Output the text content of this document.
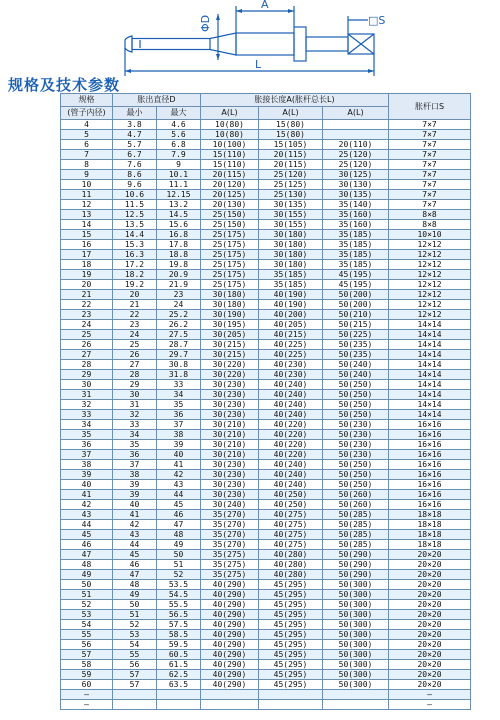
ΦD
A
□S
L
规格及技术参数
规格	胀出直径D		胀接长度A(胀杆总长L)			胀杆口S
(管子内径)	最小	最大	A(L)	A(L)	A(L)	
4	3.8	4.6	10(80)	15(80)		7×7
5	4.7	5.6	10(80)	15(80)		7×7
6	5.7	6.8	10(100)	15(105)	20(110)	7×7
7	6.7	7.9	15(110)	20(115)	25(120)	7×7
8	7.6	9	15(110)	20(115)	25(120)	7×7
9	8.6	10.1	20(115)	25(120)	30(125)	7×7
10	9.6	11.1	20(120)	25(125)	30(130)	7×7
11	10.6	12.15	20(125)	25(130)	30(135)	7×7
12	11.5	13.2	20(130)	30(135)	35(140)	7×7
13	12.5	14.5	25(150)	30(155)	35(160)	8×8
14	13.5	15.6	25(150)	30(155)	35(160)	8×8
15	14.4	16.8	25(175)	30(180)	35(185)	10×10
16	15.3	17.8	25(175)	30(180)	35(185)	12×12
17	16.3	18.8	25(175)	30(180)	35(185)	12×12
18	17.2	19.8	25(175)	30(180)	35(185)	12×12
19	18.2	20.9	25(175)	35(185)	45(195)	12×12
20	19.2	21.9	25(175)	35(185)	45(195)	12×12
21	20	23	30(180)	40(190)	50(200)	12×12
22	21	24	30(180)	40(190)	50(200)	12×12
23	22	25.2	30(190)	40(200)	50(210)	12×12
24	23	26.2	30(195)	40(205)	50(215)	14×14
25	24	27.5	30(205)	40(215)	50(225)	14×14
26	25	28.7	30(215)	40(225)	50(235)	14×14
27	26	29.7	30(215)	40(225)	50(235)	14×14
28	27	30.8	30(220)	40(230)	50(240)	14×14
29	28	31.8	30(220)	40(230)	50(240)	14×14
30	29	33	30(230)	40(240)	50(250)	14×14
31	30	34	30(230)	40(240)	50(250)	14×14
32	31	35	30(230)	40(240)	50(250)	14×14
33	32	36	30(230)	40(240)	50(250)	14×14
34	33	37	30(210)	40(220)	50(230)	16×16
35	34	38	30(210)	40(220)	50(230)	16×16
36	35	39	30(210)	40(220)	50(230)	16×16
37	36	40	30(210)	40(220)	50(230)	16×16
38	37	41	30(230)	40(240)	50(250)	16×16
39	38	42	30(230)	40(240)	50(250)	16×16
40	39	43	30(230)	40(240)	50(250)	16×16
41	39	44	30(230)	40(250)	50(260)	16×16
42	40	45	30(240)	40(250)	50(260)	16×16
43	41	46	35(270)	40(275)	50(285)	18×18
44	42	47	35(270)	40(275)	50(285)	18×18
45	43	48	35(270)	40(275)	50(285)	18×18
46	44	49	35(270)	40(275)	50(285)	18×18
47	45	50	35(275)	40(280)	50(290)	20×20
48	46	51	35(275)	40(280)	50(290)	20×20
49	47	52	35(275)	40(280)	50(290)	20×20
50	48	53.5	40(290)	45(295)	50(300)	20×20
51	49	54.5	40(290)	45(295)	50(300)	20×20
52	50	55.5	40(290)	45(295)	50(300)	20×20
53	51	56.5	40(290)	45(295)	50(300)	20×20
54	52	57.5	40(290)	45(295)	50(300)	20×20
55	53	58.5	40(290)	45(295)	50(300)	20×20
56	54	59.5	40(290)	45(295)	50(300)	20×20
57	55	60.5	40(290)	45(295)	50(300)	20×20
58	56	61.5	40(290)	45(295)	50(300)	20×20
59	57	62.5	40(290)	45(295)	50(300)	20×20
60	57	63.5	40(290)	45(295)	50(300)	20×20
–						–
–						–
